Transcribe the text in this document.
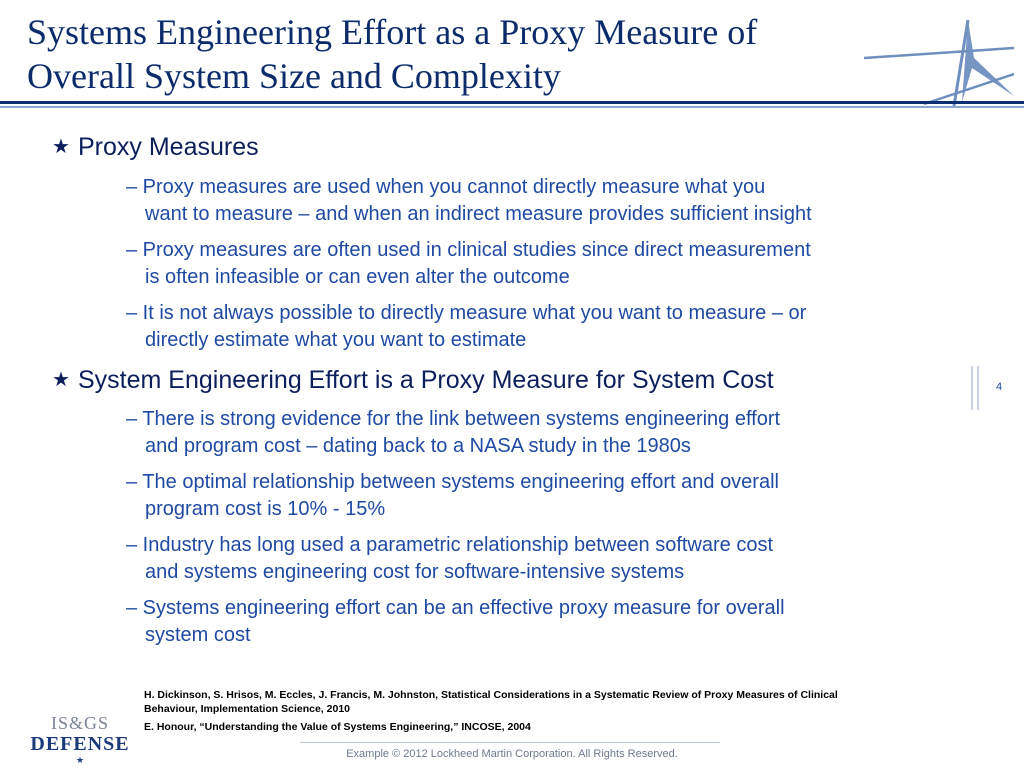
Systems Engineering Effort as a Proxy Measure of
Overall System Size and Complexity
★ Proxy Measures
– Proxy measures are used when you cannot directly measure what you
want to measure – and when an indirect measure provides sufficient insight
– Proxy measures are often used in clinical studies since direct measurement
is often infeasible or can even alter the outcome
– It is not always possible to directly measure what you want to measure – or
directly estimate what you want to estimate
★ System Engineering Effort is a Proxy Measure for System Cost
– There is strong evidence for the link between systems engineering effort
and program cost – dating back to a NASA study in the 1980s
– The optimal relationship between systems engineering effort and overall
program cost is 10% - 15%
– Industry has long used a parametric relationship between software cost
and systems engineering cost for software-intensive systems
– Systems engineering effort can be an effective proxy measure for overall
system cost
4

H. Dickinson, S. Hrisos, M. Eccles, J. Francis, M. Johnston, Statistical Considerations in a Systematic Review of Proxy Measures of Clinical
Behaviour, Implementation Science, 2010

E. Honour, “Understanding the Value of Systems Engineering,” INCOSE, 2004

IS&GS
DEFENSE
★	Example © 2012 Lockheed Martin Corporation. All Rights Reserved.
